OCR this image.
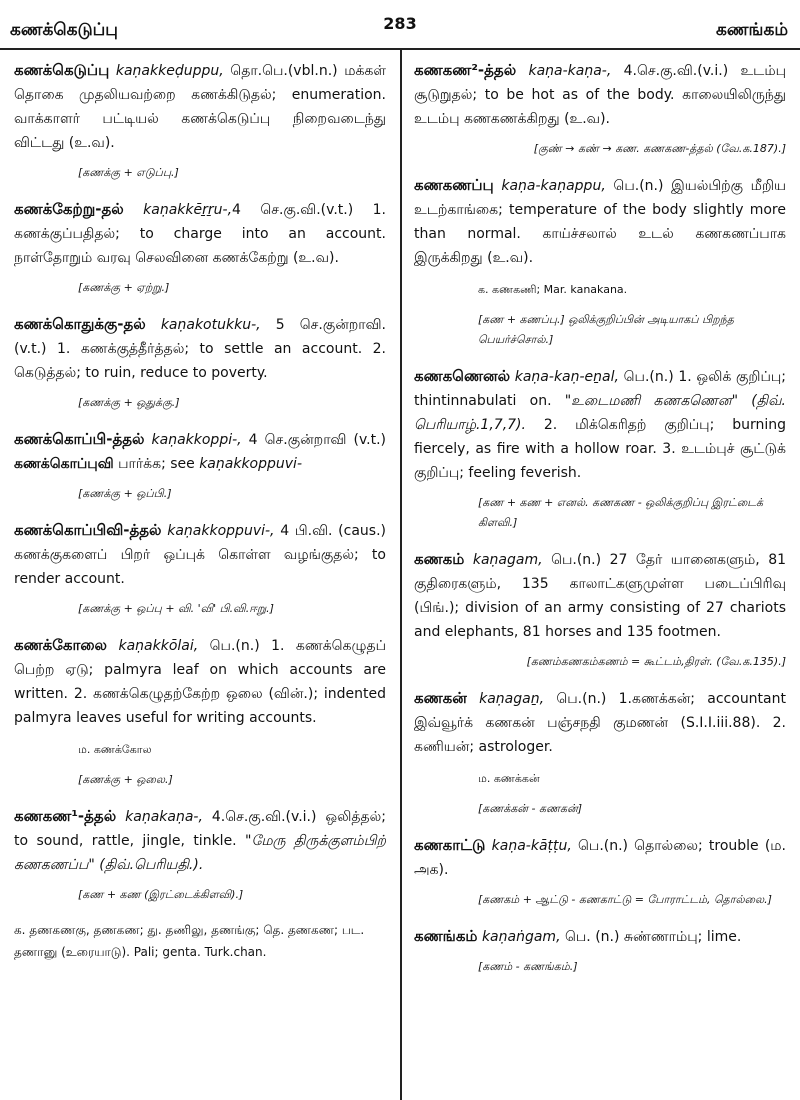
கணக்கெடுப்பு	283	கணங்கம்
கணக்கெடுப்பு kaṇakkeḍuppu, தொ.பெ.(vbl.n.) மக்கள் தொகை முதலியவற்றை கணக்கிடுதல்; enumeration. வாக்காளர் பட்டியல் கணக்கெடுப்பு நிறைவடைந்து விட்டது (உ.வ).
[கணக்கு + எடுப்பு.]
கணக்கேற்று-தல் kaṇakkēṟṟu-,4 செ.கு.வி.(v.t.) 1. கணக்குப்பதிதல்; to charge into an account. நாள்தோறும் வரவு செலவினை கணக்கேற்று (உ.வ).
[கணக்கு + ஏற்று.]
கணக்கொதுக்கு-தல் kaṇakotukku-, 5 செ.குன்றாவி. (v.t.) 1. கணக்குத்தீர்த்தல்; to settle an account. 2. கெடுத்தல்; to ruin, reduce to poverty.
[கணக்கு + ஒதுக்கு.]
கணக்கொப்பி-த்தல் kaṇakkoppi-, 4 செ.குன்றாவி (v.t.) கணக்கொப்புவி பார்க்க; see kaṇakkoppuvi-
[கணக்கு + ஒப்பி.]
கணக்கொப்பிவி-த்தல் kaṇakkoppuvi-, 4 பி.வி. (caus.) கணக்குகளைப் பிறர் ஒப்புக் கொள்ள வழங்குதல்; to render account.
[கணக்கு + ஒப்பு + வி. 'வி' பி.வி.ஈறு.]
கணக்கோலை kaṇakkōlai, பெ.(n.) 1. கணக்கெழுதப் பெற்ற ஏடு; palmyra leaf on which accounts are written. 2. கணக்கெழுதற்கேற்ற ஒலை (வின்.); indented palmyra leaves useful for writing accounts.
ம. கணக்கோல
[கணக்கு + ஒலை.]
கணகண¹-த்தல் kaṇakaṇa-, 4.செ.கு.வி.(v.i.) ஒலித்தல்; to sound, rattle, jingle, tinkle. "மேரு திருக்குளம்பிற் கணகணப்ப" (திவ்.பெரியதி.).
[கண + கண (இரட்டைக்கிளவி).]
க. தணகணகு, தணகண; து. தணிலு, தணங்கு; தெ. தணகண; பட. தணானு (உரையாடு). Pali; genta. Turk.chan.
கணகண²-த்தல் kaṇa-kaṇa-, 4.செ.கு.வி.(v.i.) உடம்பு சூடுறுதல்; to be hot as of the body. காலையிலிருந்து உடம்பு கணகணக்கிறது (உ.வ).
[குண் → கண் → கண. கணகண-த்தல் (வே.க.187).]
கணகணப்பு kaṇa-kaṇappu, பெ.(n.) இயல்பிற்கு மீறிய உடற்காங்கை; temperature of the body slightly more than normal. காய்ச்சலால் உடல் கணகணப்பாக இருக்கிறது (உ.வ).
க. கணகணி; Mar. kanakana.
[கண + கணப்பு.] ஒலிக்குறிப்பின் அடியாகப் பிறந்த பெயர்ச்சொல்.]
கணகணெனல் kaṇa-kaṇ-eṉal, பெ.(n.) 1. ஒலிக் குறிப்பு; thintinnabulati on. "உடைமணி கணகணென" (திவ். பெரியாழ்.1,7,7). 2. மிக்கெரிதற் குறிப்பு; burning fiercely, as fire with a hollow roar. 3. உடம்புச் சூட்டுக் குறிப்பு; feeling feverish.
[கண + கண + எனல். கணகண - ஒலிக்குறிப்பு இரட்டைக் கிளவி.]
கணகம் kaṇagam, பெ.(n.) 27 தேர் யானைகளும், 81 குதிரைகளும், 135 காலாட்களுமுள்ள படைப்பிரிவு (பிங்.); division of an army consisting of 27 chariots and elephants, 81 horses and 135 footmen.
[கணம்கணகம்கணம் = கூட்டம்,திரள். (வே.க.135).]
கணகன் kaṇagaṉ, பெ.(n.) 1.கணக்கன்; accountant இவ்வூர்க் கணகன் பஞ்சநதி குமணன் (S.I.I.iii.88). 2. கணியன்; astrologer.
ம. கணக்கன்
[கணக்கன் - கணகன்]
கணகாட்டு kaṇa-kāṭṭu, பெ.(n.) தொல்லை; trouble (ம. அக).
[கணகம் + ஆட்டு - கணகாட்டு = போராட்டம், தொல்லை.]
கணங்கம் kaṇaṅgam, பெ. (n.) சுண்ணாம்பு; lime.
[கணம் - கணங்கம்.]
